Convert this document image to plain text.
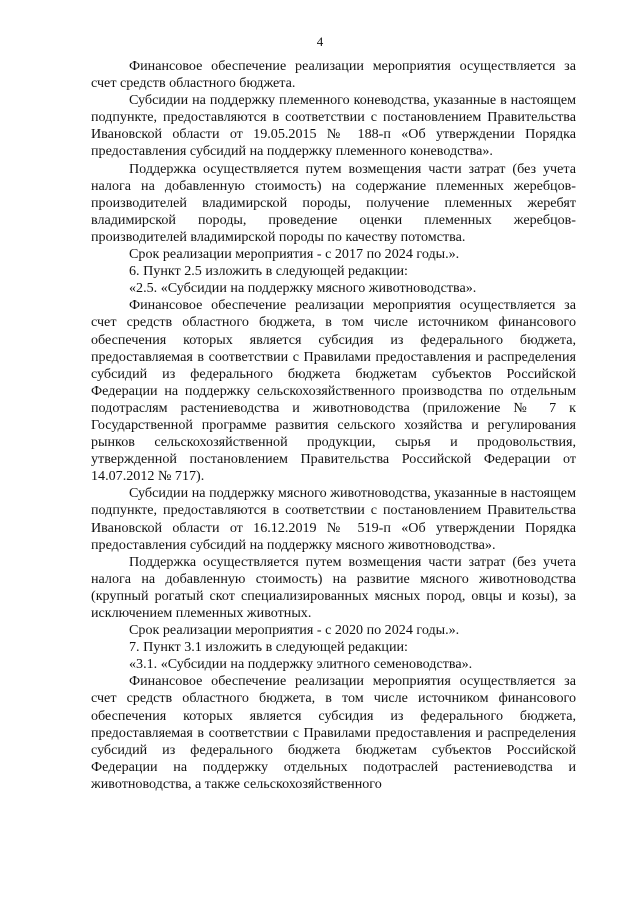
4

Финансовое обеспечение реализации мероприятия осуществляется за счет средств областного бюджета.

Субсидии на поддержку племенного коневодства, указанные в настоящем подпункте, предоставляются в соответствии с постановлением Правительства Ивановской области от 19.05.2015 № 188-п «Об утверждении Порядка предоставления субсидий на поддержку племенного коневодства».

Поддержка осуществляется путем возмещения части затрат (без учета налога на добавленную стоимость) на содержание племенных жеребцов-производителей владимирской породы, получение племенных жеребят владимирской породы, проведение оценки племенных жеребцов-производителей владимирской породы по качеству потомства.

Срок реализации мероприятия - с 2017 по 2024 годы.».

6. Пункт 2.5 изложить в следующей редакции:

«2.5. «Субсидии на поддержку мясного животноводства».

Финансовое обеспечение реализации мероприятия осуществляется за счет средств областного бюджета, в том числе источником финансового обеспечения которых является субсидия из федерального бюджета, предоставляемая в соответствии с Правилами предоставления и распределения субсидий из федерального бюджета бюджетам субъектов Российской Федерации на поддержку сельскохозяйственного производства по отдельным подотраслям растениеводства и животноводства (приложение № 7 к Государственной программе развития сельского хозяйства и регулирования рынков сельскохозяйственной продукции, сырья и продовольствия, утвержденной постановлением Правительства Российской Федерации от 14.07.2012 № 717).

Субсидии на поддержку мясного животноводства, указанные в настоящем подпункте, предоставляются в соответствии с постановлением Правительства Ивановской области от 16.12.2019 № 519-п «Об утверждении Порядка предоставления субсидий на поддержку мясного животноводства».

Поддержка осуществляется путем возмещения части затрат (без учета налога на добавленную стоимость) на развитие мясного животноводства (крупный рогатый скот специализированных мясных пород, овцы и козы), за исключением племенных животных.

Срок реализации мероприятия - с 2020 по 2024 годы.».

7. Пункт 3.1 изложить в следующей редакции:

«3.1. «Субсидии на поддержку элитного семеноводства».

Финансовое обеспечение реализации мероприятия осуществляется за счет средств областного бюджета, в том числе источником финансового обеспечения которых является субсидия из федерального бюджета, предоставляемая в соответствии с Правилами предоставления и распределения субсидий из федерального бюджета бюджетам субъектов Российской Федерации на поддержку отдельных подотраслей растениеводства и животноводства, а также сельскохозяйственного
